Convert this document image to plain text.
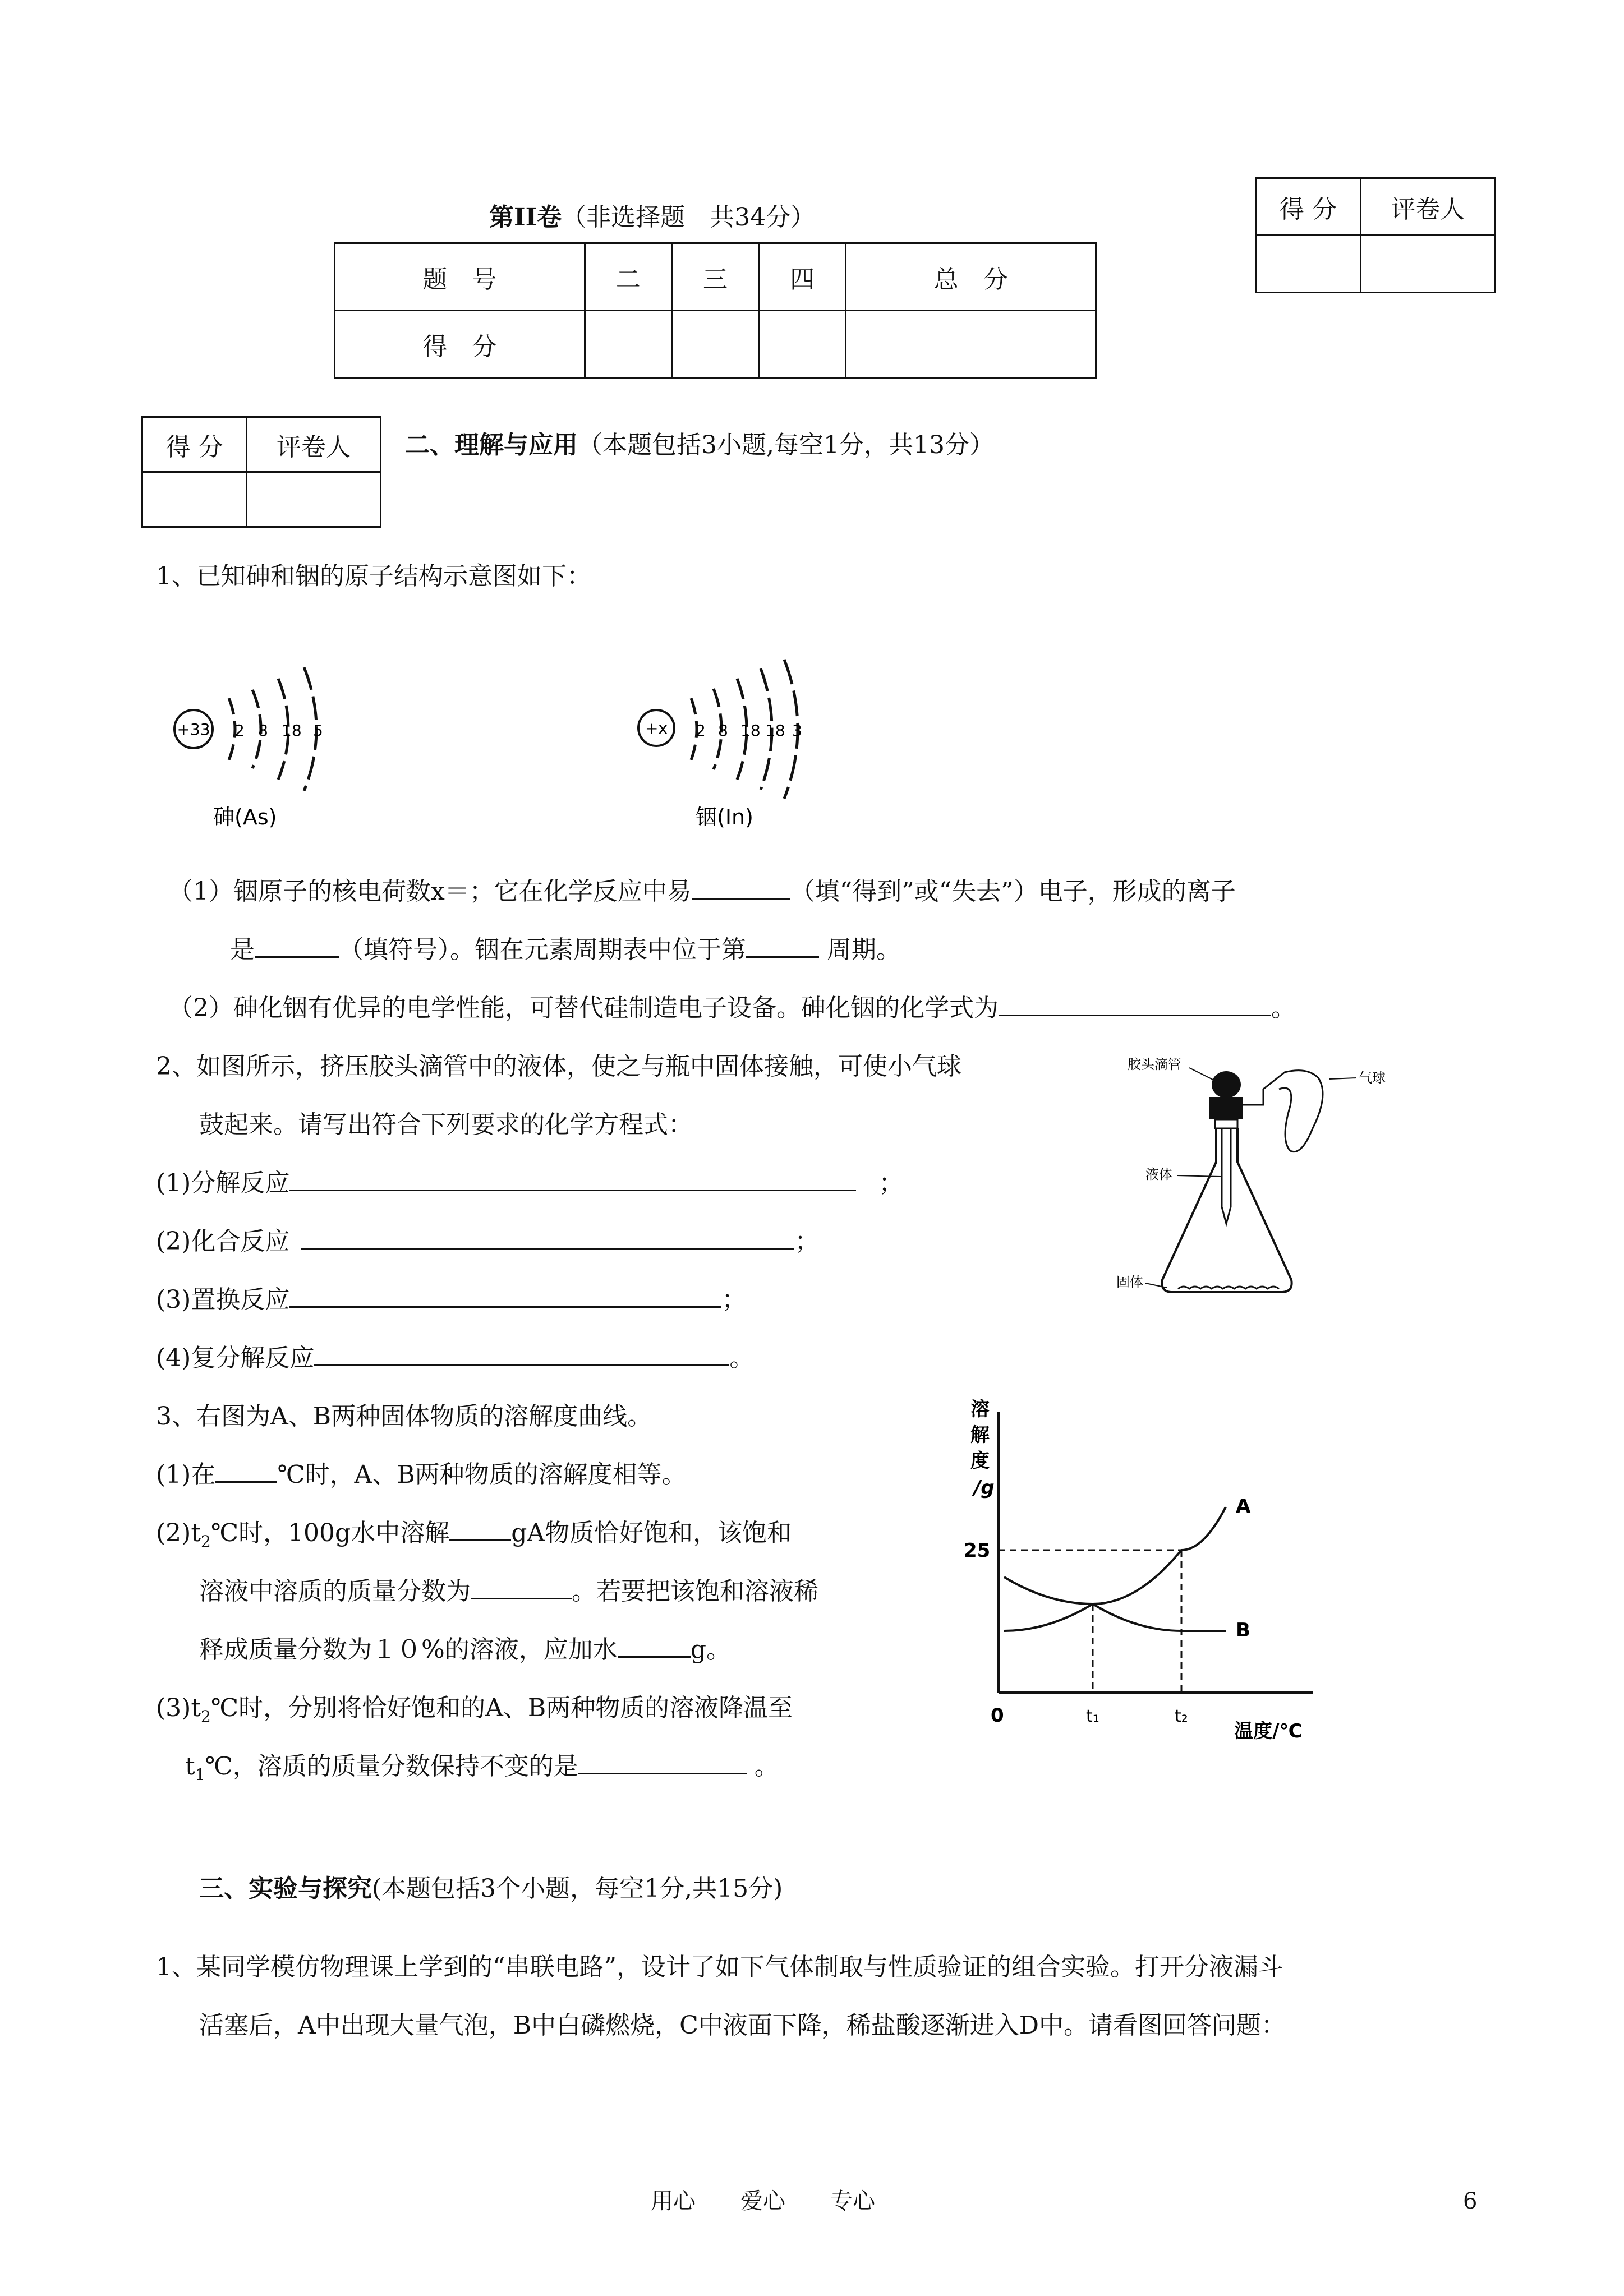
第II卷（非选择题　共34分）
题　号	二	三	四	总　分
得　分				
得 分	评卷人

得 分	评卷人
	二、理解与应用（本题包括3小题,每空1分，共13分）
1、已知砷和铟的原子结构示意图如下：
+33 2 8 18 5
砷(As)
+x 2 8 18 18 3
铟(In)
（1）铟原子的核电荷数x＝；它在化学反应中易	（填“得到”或“失去”）电子，形成的离子
是	（填符号）。铟在元素周期表中位于第	周期。
（2）砷化铟有优异的电学性能，可替代硅制造电子设备。砷化铟的化学式为	。
2、如图所示，挤压胶头滴管中的液体，使之与瓶中固体接触，可使小气球
鼓起来。请写出符合下列要求的化学方程式：
(1)分解反应	；
(2)化合反应	；
(3)置换反应	；
(4)复分解反应	。
胶头滴管
气球
液体
固体
3、右图为A、B两种固体物质的溶解度曲线。
(1)在	℃时，A、B两种物质的溶解度相等。
$(2)t_2℃$时，100g水中溶解	gA物质恰好饱和，该饱和
溶液中溶质的质量分数为	。若要把该饱和溶液稀
释成质量分数为１０%的溶液，应加水	g。
$(3)t_2℃$时，分别将恰好饱和的A、B两种物质的溶液降温至
$t_1℃$，溶质的质量分数保持不变的是	。
溶
解
度
/g
25
0	t₁	t₂
A
B
温度/℃
三、实验与探究(本题包括3个小题，每空1分,共15分)
1、某同学模仿物理课上学到的“串联电路”，设计了如下气体制取与性质验证的组合实验。打开分液漏斗
活塞后，A中出现大量气泡，B中白磷燃烧，C中液面下降，稀盐酸逐渐进入D中。请看图回答问题：
用心　　爱心　　专心	6
